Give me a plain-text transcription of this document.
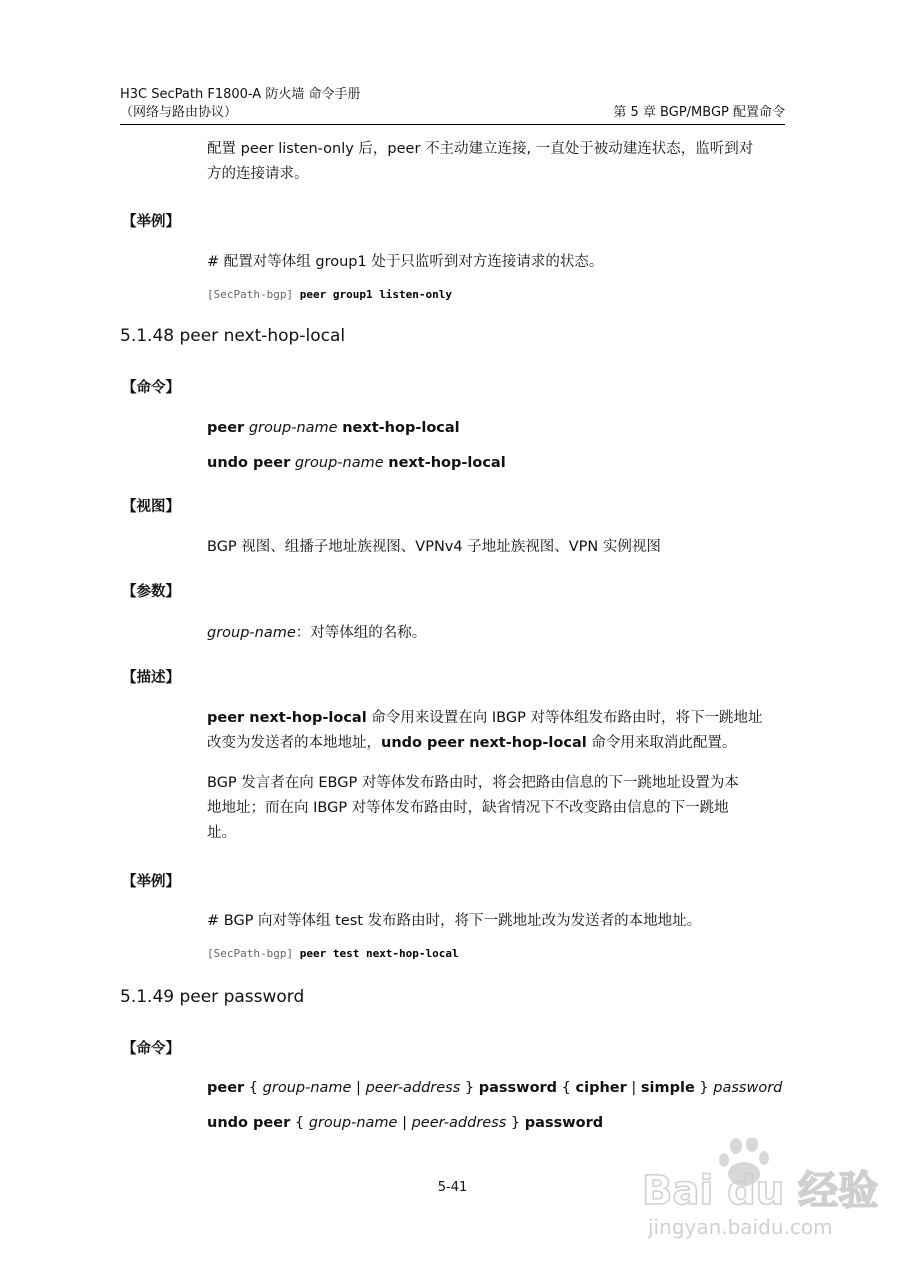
H3C SecPath F1800-A 防火墙 命令手册
（网络与路由协议）	第 5 章 BGP/MBGP 配置命令
配置 peer listen-only 后，peer 不主动建立连接, 一直处于被动建连状态，监听到对
方的连接请求。
【举例】
# 配置对等体组 group1 处于只监听到对方连接请求的状态。
[SecPath-bgp] peer group1 listen-only
5.1.48 peer next-hop-local
【命令】
peer group-name next-hop-local
undo peer group-name next-hop-local
【视图】
BGP 视图、组播子地址族视图、VPNv4 子地址族视图、VPN 实例视图
【参数】
group-name：对等体组的名称。
【描述】
peer next-hop-local 命令用来设置在向 IBGP 对等体组发布路由时，将下一跳地址
改变为发送者的本地地址，undo peer next-hop-local 命令用来取消此配置。
BGP 发言者在向 EBGP 对等体发布路由时，将会把路由信息的下一跳地址设置为本
地地址；而在向 IBGP 对等体发布路由时，缺省情况下不改变路由信息的下一跳地
址。
【举例】
# BGP 向对等体组 test 发布路由时，将下一跳地址改为发送者的本地地址。
[SecPath-bgp] peer test next-hop-local
5.1.49 peer password
【命令】
peer { group-name | peer-address } password { cipher | simple } password
undo peer { group-name | peer-address } password
5-41	Bai du 经验
jingyan.baidu.com
